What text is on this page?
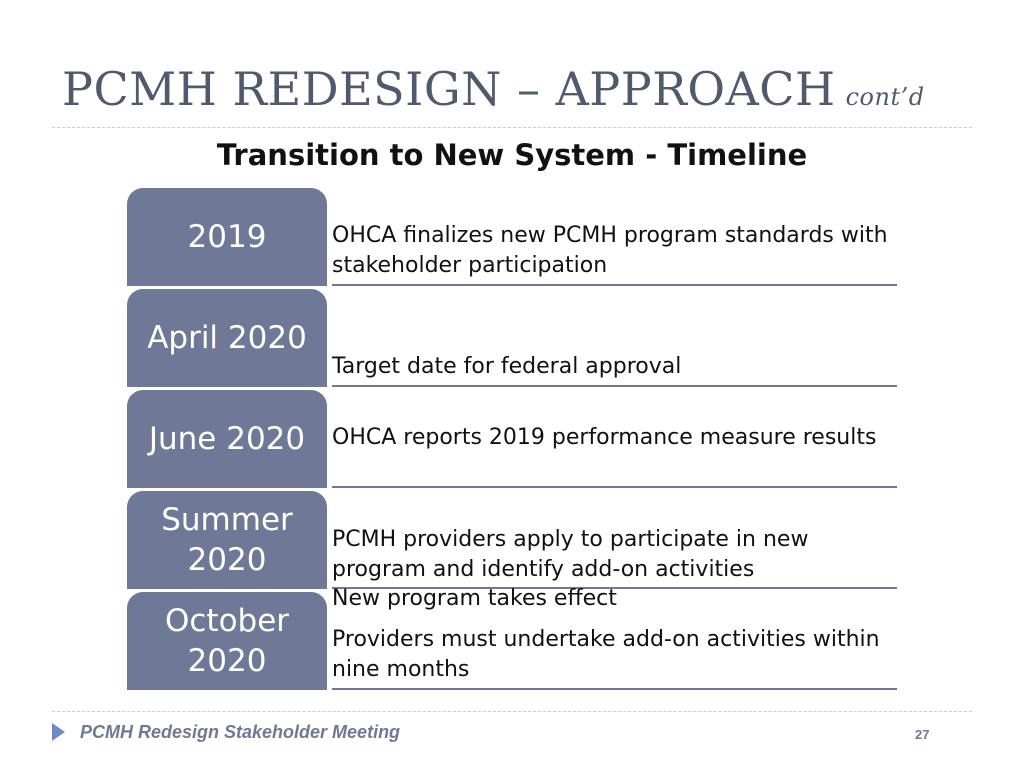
PCMH REDESIGN – APPROACH cont’d
Transition to New System - Timeline
2019	OHCA finalizes new PCMH program standards with stakeholder participation
April 2020
Target date for federal approval
June 2020 OHCA reports 2019 performance measure results
Summer
2020
PCMH providers apply to participate in new program and identify add-on activities
October
2020
New program takes effect
Providers must undertake add-on activities within nine months
PCMH Redesign Stakeholder Meeting	27
